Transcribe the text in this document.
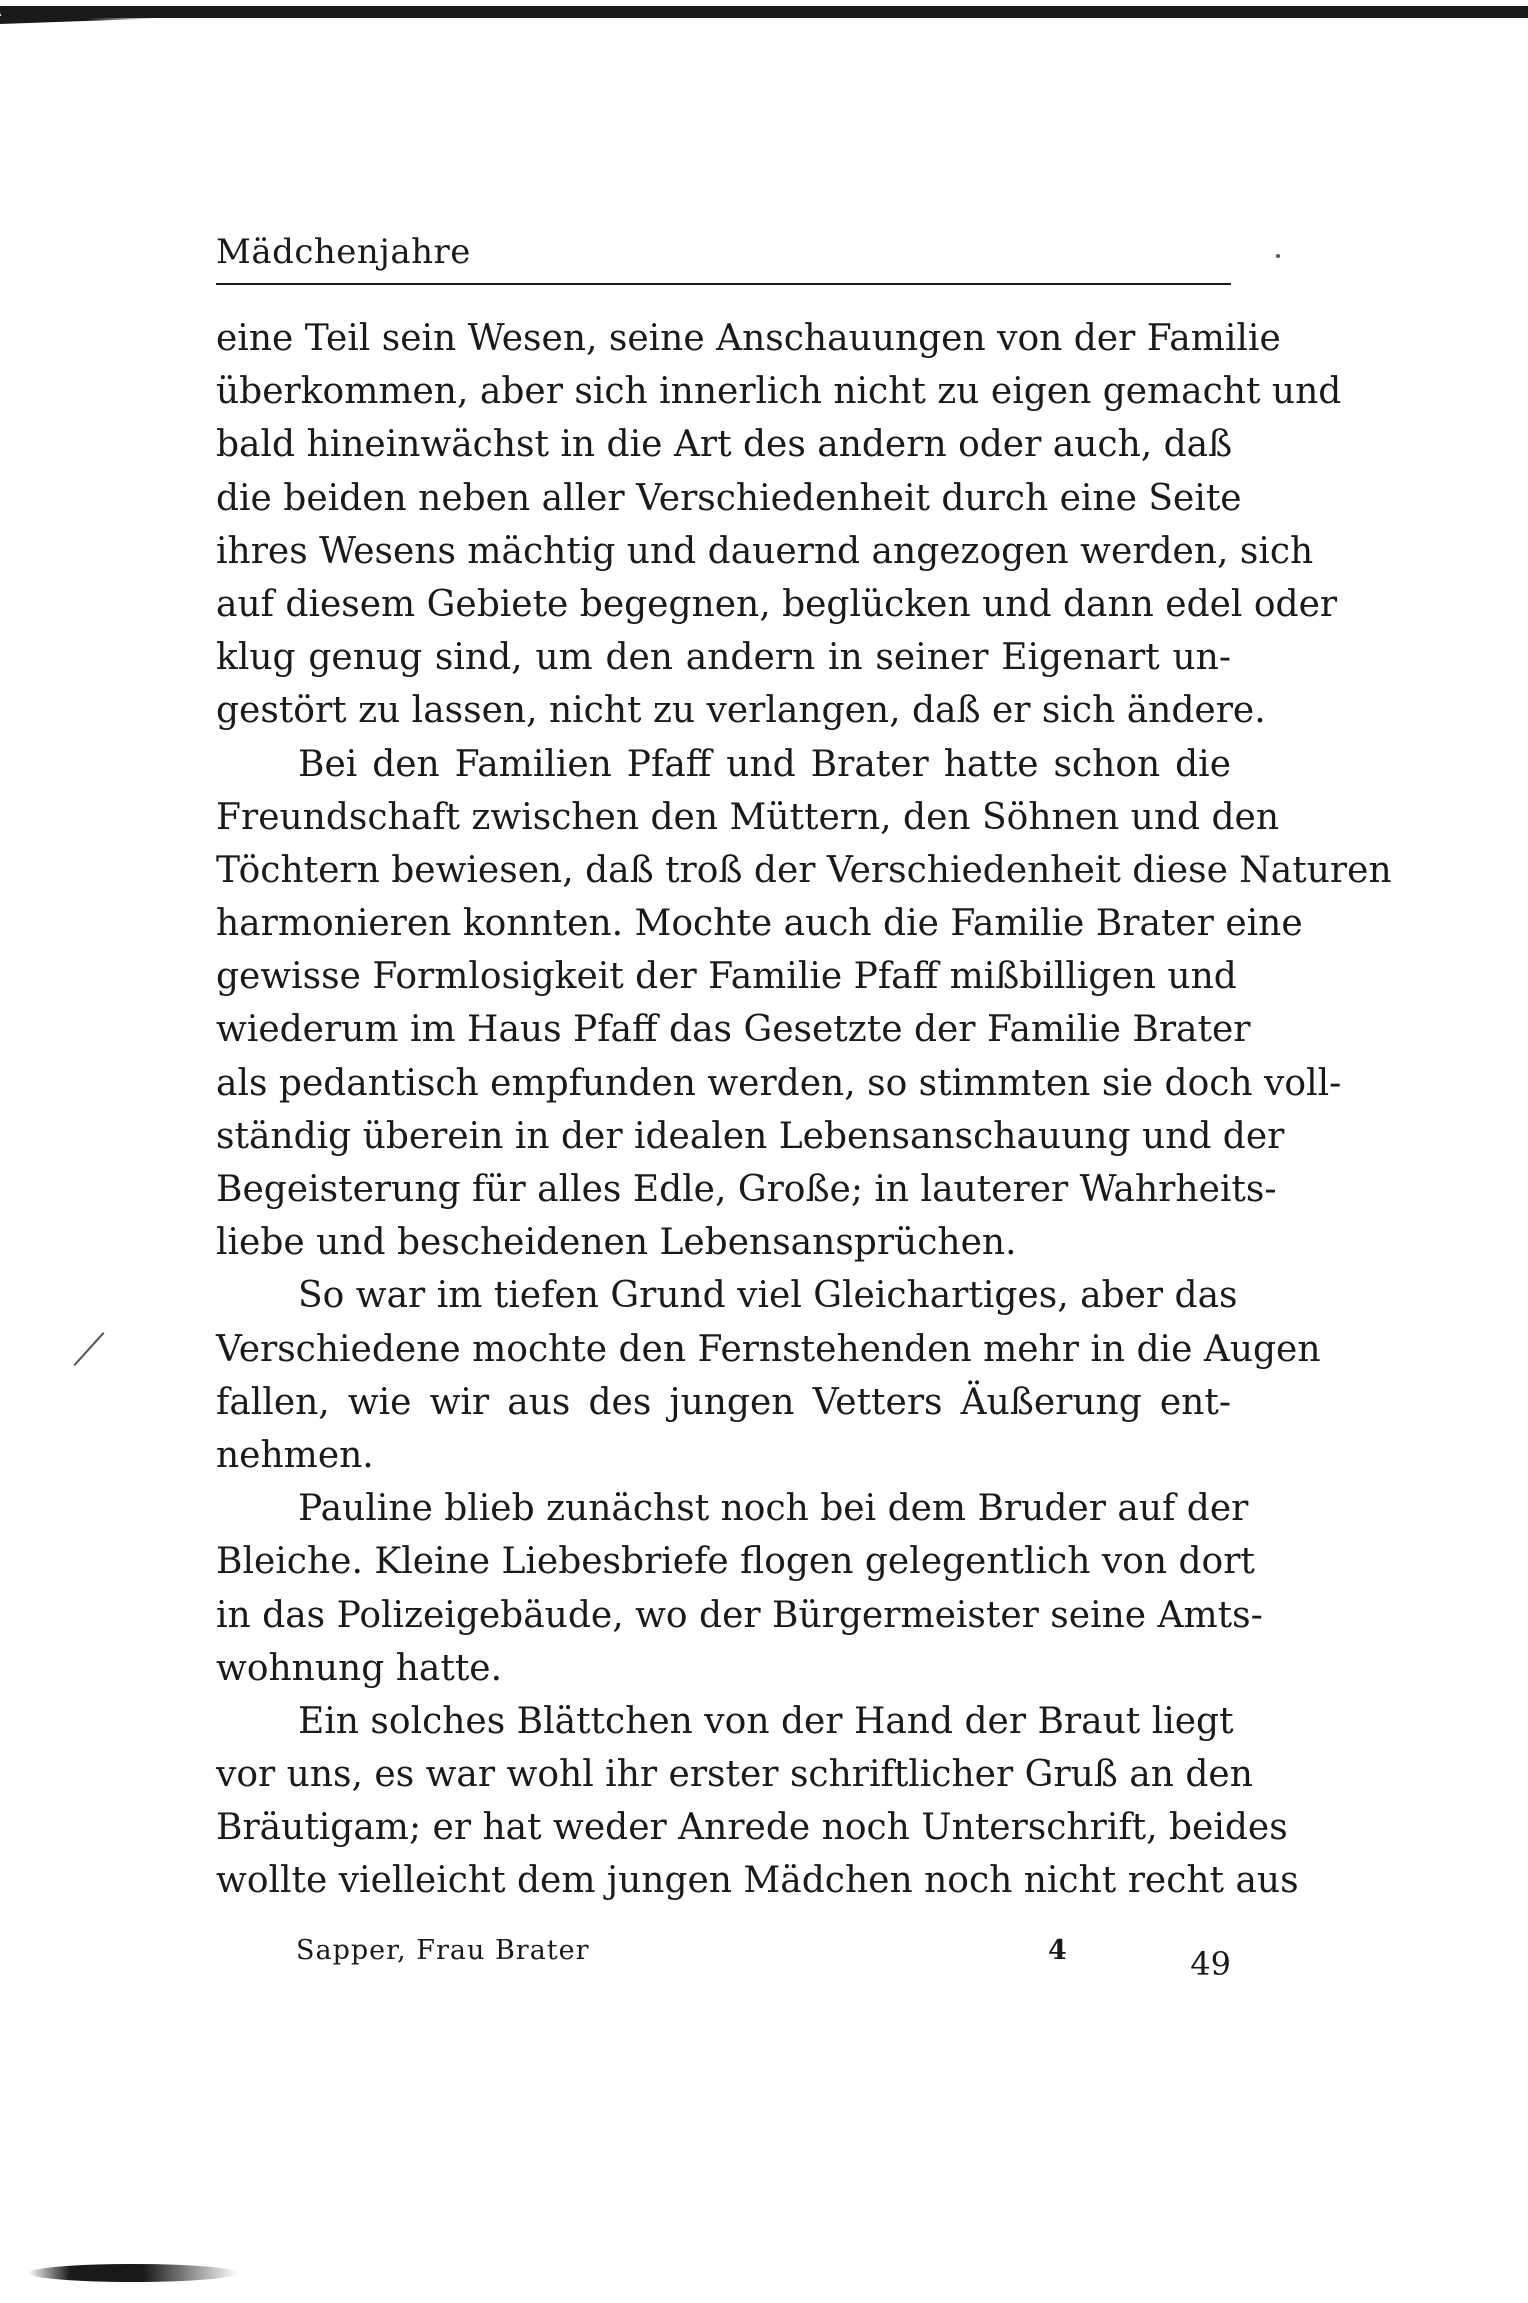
Mädchenjahre
eine Teil sein Wesen, seine Anschauungen von der Familie
überkommen, aber sich innerlich nicht zu eigen gemacht und
bald hineinwächst in die Art des andern oder auch, daß
die beiden neben aller Verschiedenheit durch eine Seite
ihres Wesens mächtig und dauernd angezogen werden, sich
auf diesem Gebiete begegnen, beglücken und dann edel oder
klug genug sind, um den andern in seiner Eigenart un-
gestört zu lassen, nicht zu verlangen, daß er sich ändere.
Bei den Familien Pfaff und Brater hatte schon die
Freundschaft zwischen den Müttern, den Söhnen und den
Töchtern bewiesen, daß troß der Verschiedenheit diese Naturen
harmonieren konnten. Mochte auch die Familie Brater eine
gewisse Formlosigkeit der Familie Pfaff mißbilligen und
wiederum im Haus Pfaff das Gesetzte der Familie Brater
als pedantisch empfunden werden, so stimmten sie doch voll-
ständig überein in der idealen Lebensanschauung und der
Begeisterung für alles Edle, Große; in lauterer Wahrheits-
liebe und bescheidenen Lebensansprüchen.
So war im tiefen Grund viel Gleichartiges, aber das
Verschiedene mochte den Fernstehenden mehr in die Augen
fallen, wie wir aus des jungen Vetters Äußerung ent-
nehmen.
Pauline blieb zunächst noch bei dem Bruder auf der
Bleiche. Kleine Liebesbriefe flogen gelegentlich von dort
in das Polizeigebäude, wo der Bürgermeister seine Amts-
wohnung hatte.
Ein solches Blättchen von der Hand der Braut liegt
vor uns, es war wohl ihr erster schriftlicher Gruß an den
Bräutigam; er hat weder Anrede noch Unterschrift, beides
wollte vielleicht dem jungen Mädchen noch nicht recht aus
Sapper, Frau Brater	4	49
